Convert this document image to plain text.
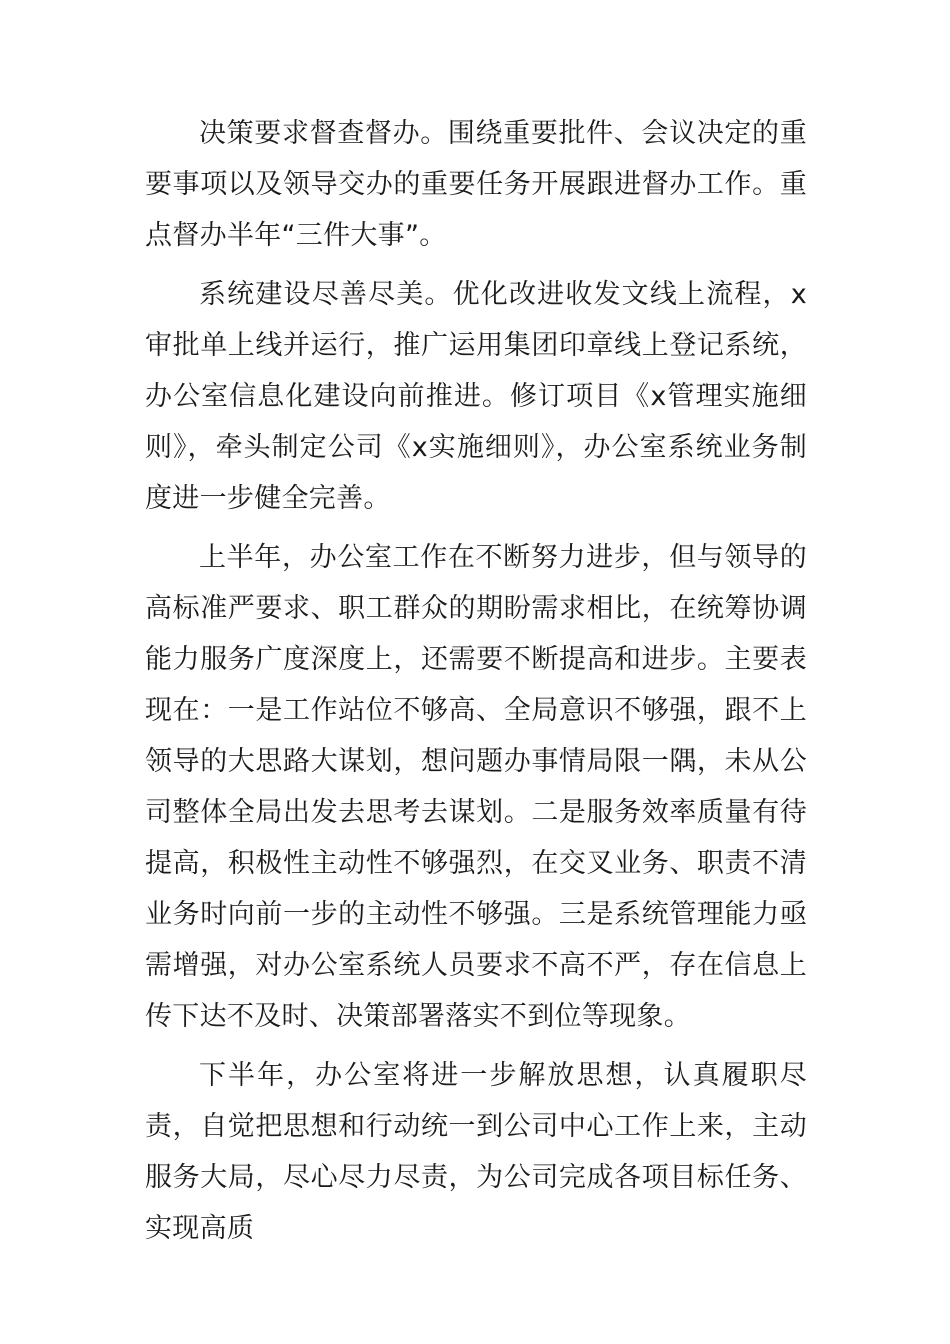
决策要求督查督办。围绕重要批件、会议决定的重要事项以及领导交办的重要任务开展跟进督办工作。重点督办半年“三件大事”。

系统建设尽善尽美。优化改进收发文线上流程，x审批单上线并运行，推广运用集团印章线上登记系统，办公室信息化建设向前推进。修订项目《x管理实施细则》，牵头制定公司《x实施细则》，办公室系统业务制度进一步健全完善。

上半年，办公室工作在不断努力进步，但与领导的高标准严要求、职工群众的期盼需求相比，在统筹协调能力服务广度深度上，还需要不断提高和进步。主要表现在：一是工作站位不够高、全局意识不够强，跟不上领导的大思路大谋划，想问题办事情局限一隅，未从公司整体全局出发去思考去谋划。二是服务效率质量有待提高，积极性主动性不够强烈，在交叉业务、职责不清业务时向前一步的主动性不够强。三是系统管理能力亟需增强，对办公室系统人员要求不高不严，存在信息上传下达不及时、决策部署落实不到位等现象。

下半年，办公室将进一步解放思想，认真履职尽责，自觉把思想和行动统一到公司中心工作上来，主动服务大局，尽心尽力尽责，为公司完成各项目标任务、实现高质
